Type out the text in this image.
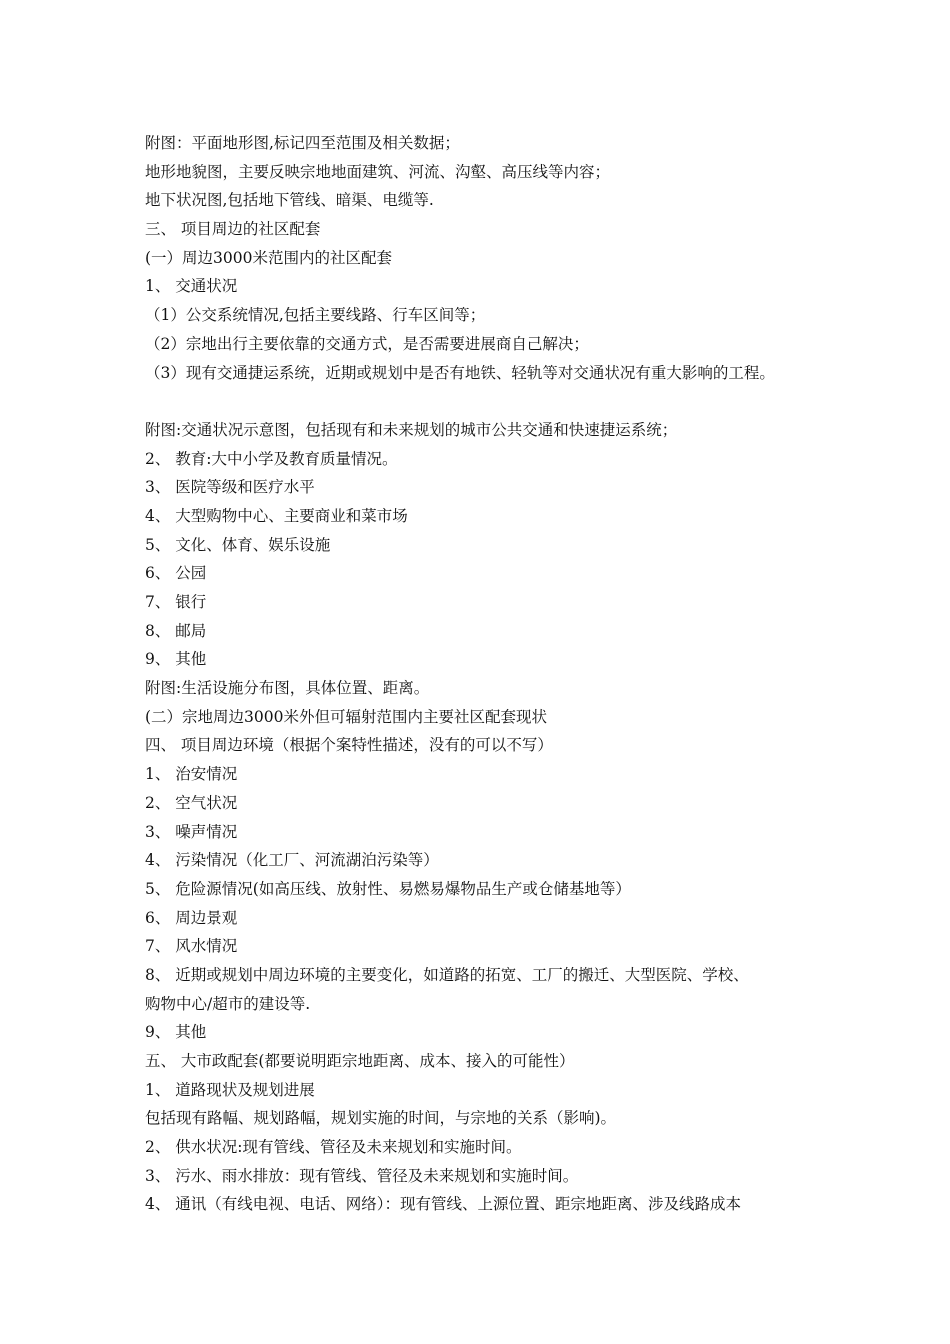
附图：平面地形图,标记四至范围及相关数据；

地形地貌图，主要反映宗地地面建筑、河流、沟壑、高压线等内容；

地下状况图,包括地下管线、暗渠、电缆等.

三、 项目周边的社区配套

(一）周边3000米范围内的社区配套

1、 交通状况

（1）公交系统情况,包括主要线路、行车区间等；

（2）宗地出行主要依靠的交通方式，是否需要进展商自己解决；

（3）现有交通捷运系统，近期或规划中是否有地铁、轻轨等对交通状况有重大影响的工程。

附图:交通状况示意图，包括现有和未来规划的城市公共交通和快速捷运系统；

2、 教育:大中小学及教育质量情况。

3、 医院等级和医疗水平

4、 大型购物中心、主要商业和菜市场

5、 文化、体育、娱乐设施

6、 公园

7、 银行

8、 邮局

9、 其他

附图:生活设施分布图，具体位置、距离。

(二）宗地周边3000米外但可辐射范围内主要社区配套现状

四、 项目周边环境（根据个案特性描述，没有的可以不写）

1、 治安情况

2、 空气状况

3、 噪声情况

4、 污染情况（化工厂、河流湖泊污染等）

5、 危险源情况(如高压线、放射性、易燃易爆物品生产或仓储基地等）

6、 周边景观

7、 风水情况

8、 近期或规划中周边环境的主要变化，如道路的拓宽、工厂的搬迁、大型医院、学校、

购物中心/超市的建设等.

9、 其他

五、 大市政配套(都要说明距宗地距离、成本、接入的可能性）

1、 道路现状及规划进展

包括现有路幅、规划路幅，规划实施的时间，与宗地的关系（影响)。

2、 供水状况:现有管线、管径及未来规划和实施时间。

3、 污水、雨水排放：现有管线、管径及未来规划和实施时间。

4、 通讯（有线电视、电话、网络）：现有管线、上源位置、距宗地距离、涉及线路成本
